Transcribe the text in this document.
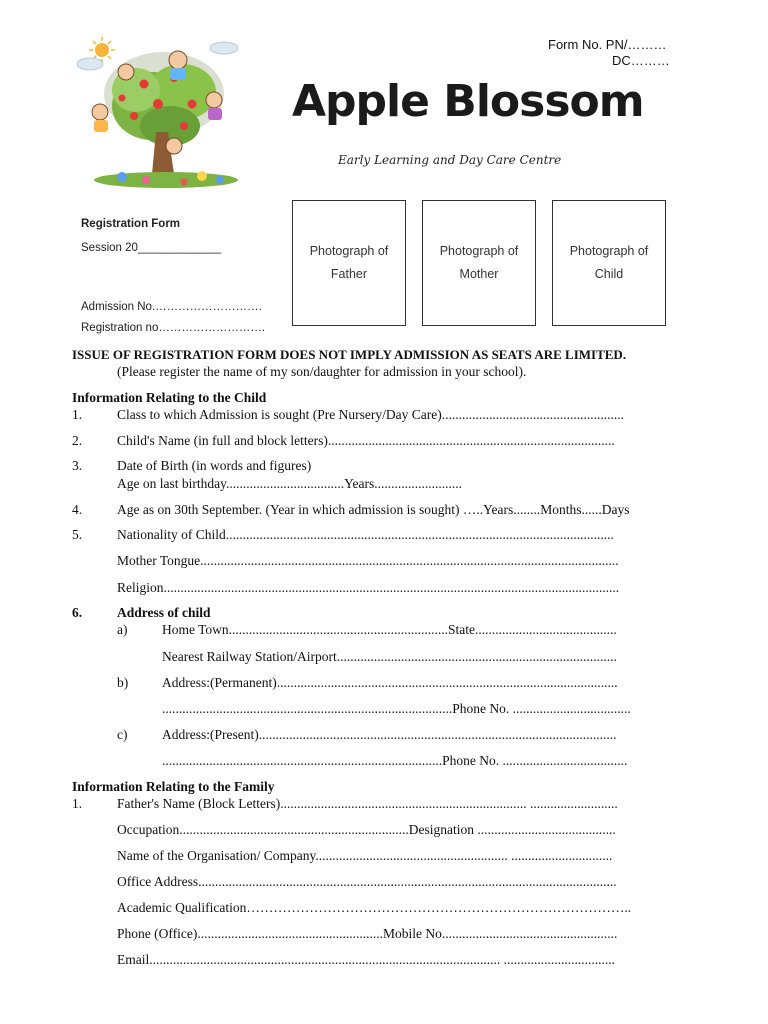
Form No. PN/………
DC………
Apple Blossom
Early Learning and Day Care Centre
Registration Form
Session 20_____________
Admission No.……………………….
Registration no……………………….
Photograph of
Father
Photograph of
Mother
Photograph of
Child
ISSUE OF REGISTRATION FORM DOES NOT IMPLY ADMISSION AS SEATS ARE LIMITED.
(Please register the name of my son/daughter for admission in your school).
Information Relating to the Child
1.	Class to which Admission is sought (Pre Nursery/Day Care)......................................................
2.	Child's Name (in full and block letters).....................................................................................
3.	Date of Birth (in words and figures)
Age on last birthday...................................Years..........................
4.	Age as on 30th September. (Year in which admission is sought) …..Years........Months......Days
5.	Nationality of Child...................................................................................................................
Mother Tongue............................................................................................................................
Religion.......................................................................................................................................
6.	Address of child
a)	Home Town.................................................................State..........................................
Nearest Railway Station/Airport...................................................................................
b)	Address:(Permanent).....................................................................................................
......................................................................................Phone No. ...................................
c)	Address:(Present)..........................................................................................................
...................................................................................Phone No. .....................................
Information Relating to the Family
1.	Father's Name (Block Letters)......................................................................... ..........................
Occupation....................................................................Designation .........................................
Name of the Organisation/ Company......................................................... ..............................
Office Address............................................................................................................................
Academic Qualification…………………………………………………………………………..
Phone (Office).......................................................Mobile No....................................................
Email........................................................................................................ .................................
